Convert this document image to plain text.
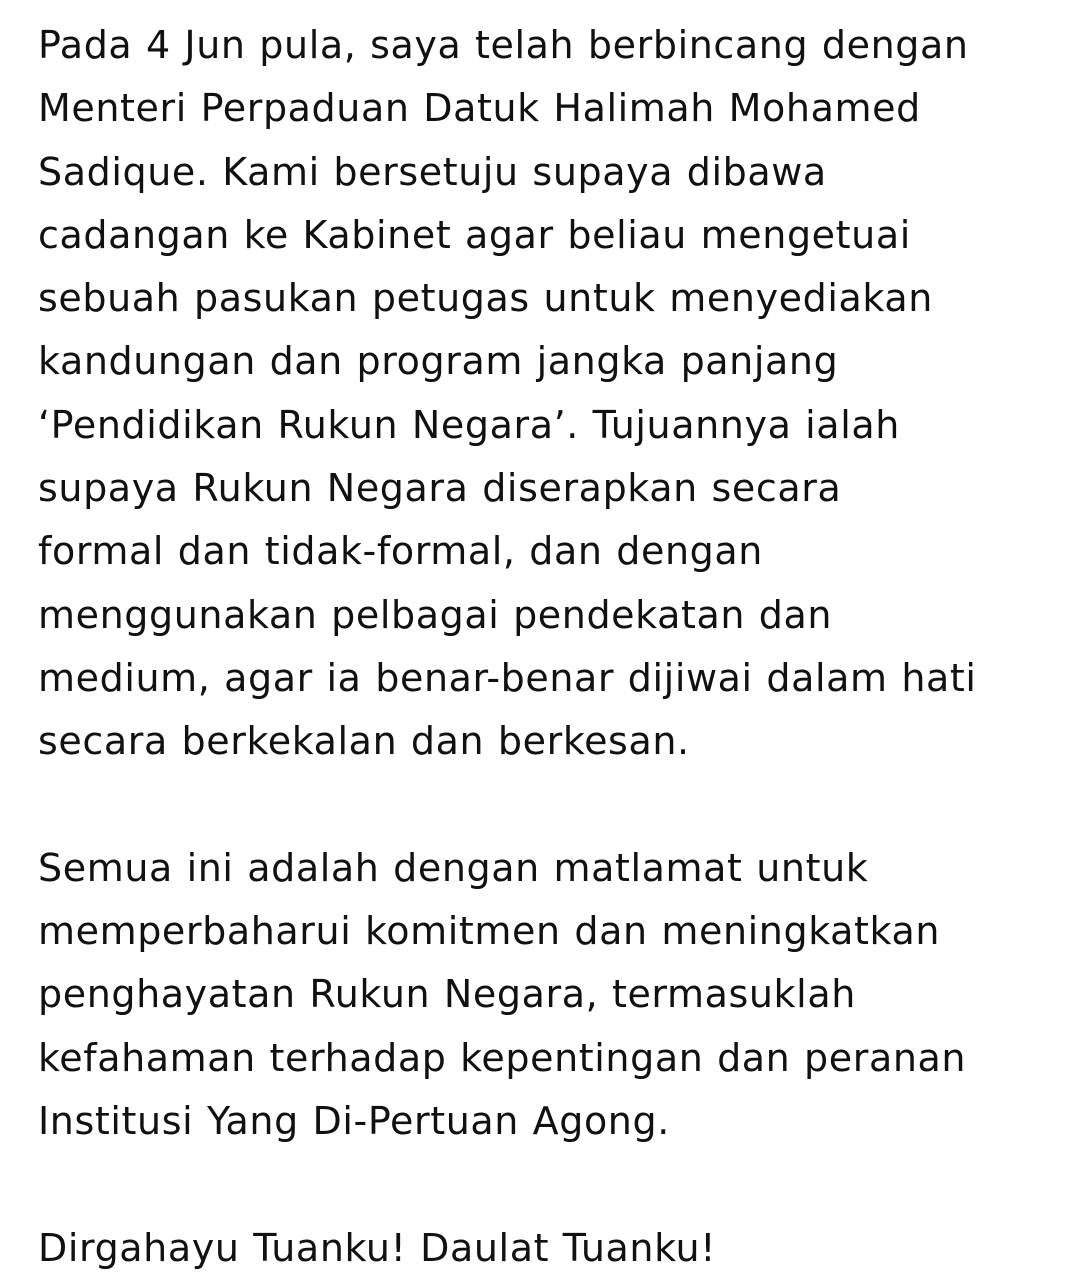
Pada 4 Jun pula, saya telah berbincang dengan
Menteri Perpaduan Datuk Halimah Mohamed
Sadique. Kami bersetuju supaya dibawa
cadangan ke Kabinet agar beliau mengetuai
sebuah pasukan petugas untuk menyediakan
kandungan dan program jangka panjang
‘Pendidikan Rukun Negara’. Tujuannya ialah
supaya Rukun Negara diserapkan secara
formal dan tidak-formal, dan dengan
menggunakan pelbagai pendekatan dan
medium, agar ia benar-benar dijiwai dalam hati
secara berkekalan dan berkesan.
Semua ini adalah dengan matlamat untuk
memperbaharui komitmen dan meningkatkan
penghayatan Rukun Negara, termasuklah
kefahaman terhadap kepentingan dan peranan
Institusi Yang Di-Pertuan Agong.
Dirgahayu Tuanku! Daulat Tuanku!
